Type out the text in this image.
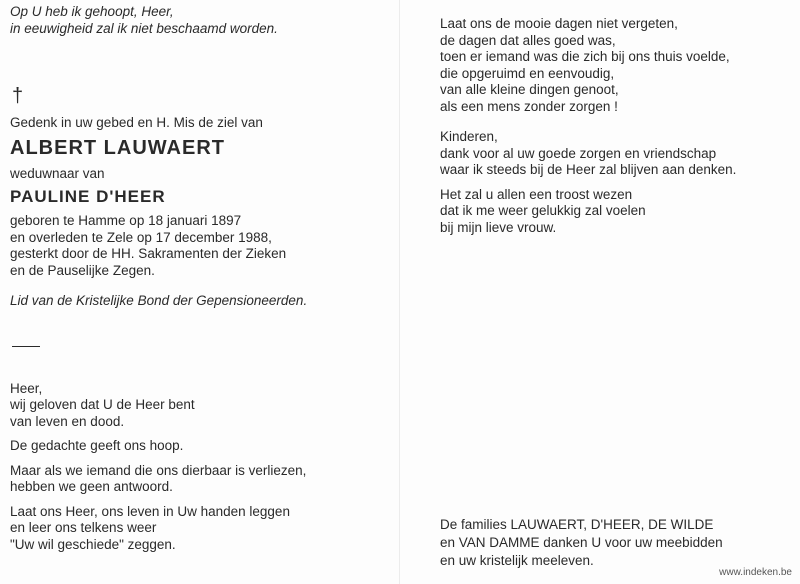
Op U heb ik gehoopt, Heer,
in eeuwigheid zal ik niet beschaamd worden.
†
Gedenk in uw gebed en H. Mis de ziel van
ALBERT LAUWAERT
weduwnaar van
PAULINE D'HEER
geboren te Hamme op 18 januari 1897
en overleden te Zele op 17 december 1988,
gesterkt door de HH. Sakramenten der Zieken
en de Pauselijke Zegen.
Lid van de Kristelijke Bond der Gepensioneerden.
Heer,
wij geloven dat U de Heer bent
van leven en dood.
De gedachte geeft ons hoop.
Maar als we iemand die ons dierbaar is verliezen,
hebben we geen antwoord.
Laat ons Heer, ons leven in Uw handen leggen
en leer ons telkens weer
"Uw wil geschiede" zeggen.
Laat ons de mooie dagen niet vergeten,
de dagen dat alles goed was,
toen er iemand was die zich bij ons thuis voelde,
die opgeruimd en eenvoudig,
van alle kleine dingen genoot,
als een mens zonder zorgen !
Kinderen,
dank voor al uw goede zorgen en vriendschap
waar ik steeds bij de Heer zal blijven aan denken.
Het zal u allen een troost wezen
dat ik me weer gelukkig zal voelen
bij mijn lieve vrouw.
De families LAUWAERT, D'HEER, DE WILDE
en VAN DAMME danken U voor uw meebidden
en uw kristelijk meeleven.
www.indeken.be
